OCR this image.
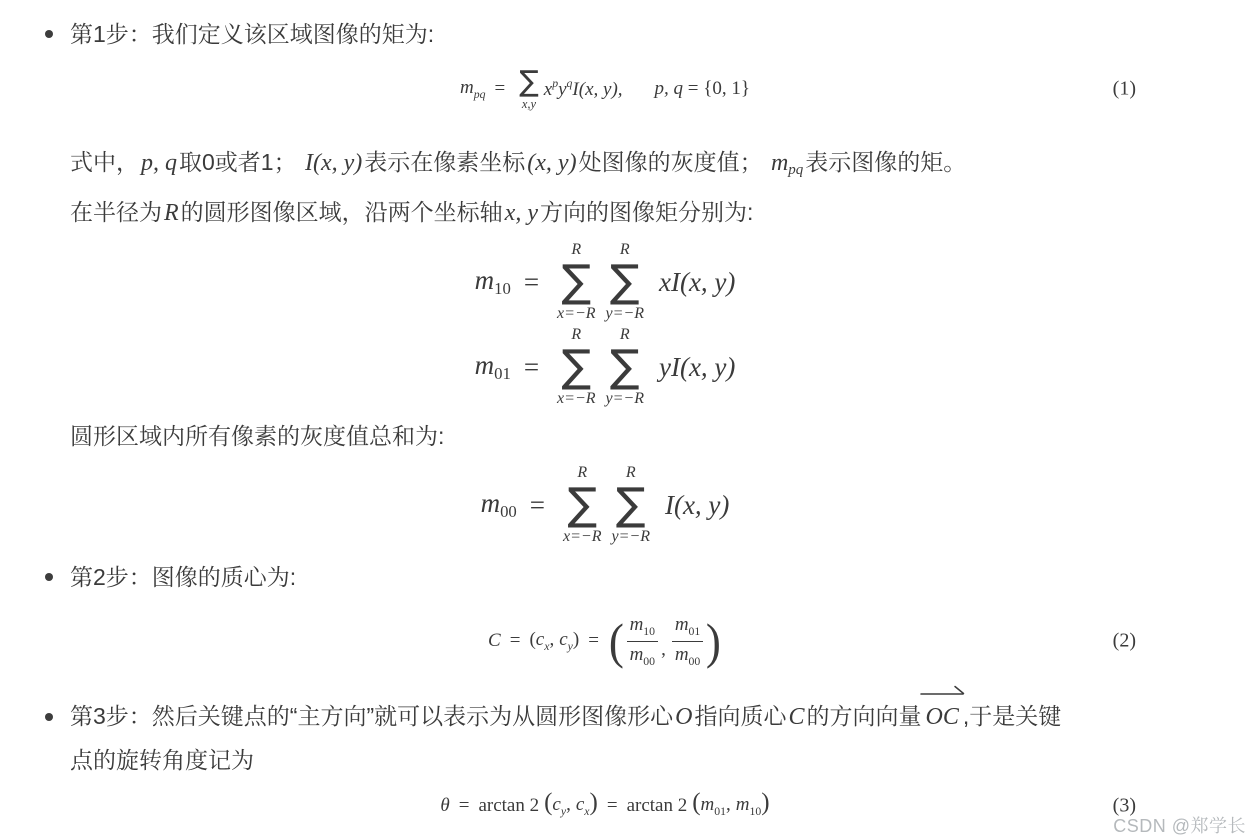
第1步：我们定义该区域图像的矩为:
$m_{pq}$ = ∑
x,y
$x^py^qI(x$, y), p, q = {0, 1}	(1)
式中，p, q取0或者1； I(x, y)表示在像素坐标(x, y)处图像的灰度值； mpq表示图像的矩。
在半径为R的圆形图像区域，沿两个坐标轴x, y方向的图像矩分别为:
m10 =
R
∑
x=−R
R
∑
y=−R
xI(x, y)
m01 =
R
∑
x=−R
R
∑
y=−R
yI(x, y)
圆形区域内所有像素的灰度值总和为:
m00 =
R
∑
x=−R
R
∑
y=−R
I(x, y)
第2步：图像的质心为:
$C = (c_x$, $c_y$) = ( $\frac{m_{10}}{m_{00}}$ , $\frac{m_{01}}{m_{00}}$ )	(2)
第3步：然后关键点的“主方向”就可以表示为从圆形图像形心O指向质心C的方向向量 OC ,于是关键
点的旋转角度记为
θ = arctan 2 ($c_y$, $c_x) = \arctan 2$ ($m_{01}$, $m_{10}$)	(3)
CSDN @郑学长
